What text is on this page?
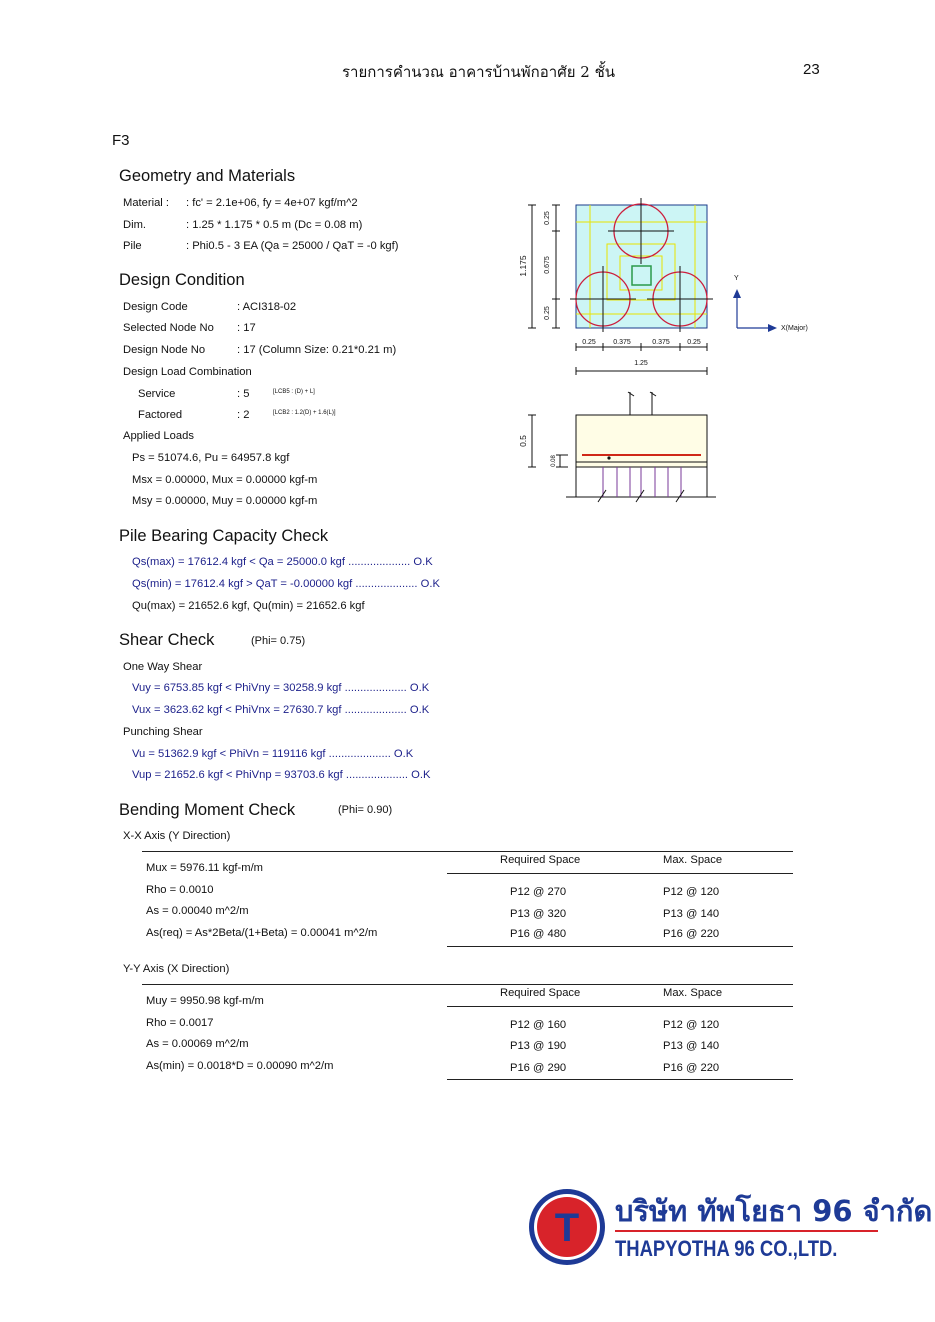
รายการคำนวณ อาคารบ้านพักอาศัย 2 ชั้น	23
F3
Geometry and Materials
Material : : fc' = 2.1e+06, fy = 4e+07 kgf/m^2
Dim.	: 1.25 * 1.175 * 0.5 m (Dc = 0.08 m)
Pile	: Phi0.5 - 3 EA (Qa = 25000 / QaT = -0 kgf)
Design Condition
Design Code	: ACI318-02
Selected Node No : 17
Design Node No	: 17 (Column Size: 0.21*0.21 m)
Design Load Combination
Service	: 5	[LCB5 : (D) + L]
Factored	: 2	[LCB2 : 1.2(D) + 1.6(L)]
Applied Loads
Ps = 51074.6, Pu = 64957.8 kgf
Msx = 0.00000, Mux = 0.00000 kgf-m
Msy = 0.00000, Muy = 0.00000 kgf-m
Pile Bearing Capacity Check
Qs(max) = 17612.4 kgf < Qa = 25000.0 kgf .................... O.K
Qs(min) = 17612.4 kgf > QaT = -0.00000 kgf .................... O.K
Qu(max) = 21652.6 kgf, Qu(min) = 21652.6 kgf
Shear Check	(Phi= 0.75)
One Way Shear
Vuy = 6753.85 kgf < PhiVny = 30258.9 kgf .................... O.K
Vux = 3623.62 kgf < PhiVnx = 27630.7 kgf .................... O.K
Punching Shear
Vu = 51362.9 kgf < PhiVn = 119116 kgf .................... O.K
Vup = 21652.6 kgf < PhiVnp = 93703.6 kgf .................... O.K
Bending Moment Check	(Phi= 0.90)
X-X Axis (Y Direction)
Required Space	Max. Space
Mux = 5976.11 kgf-m/m
Rho = 0.0010
As = 0.00040 m^2/m
As(req) = As*2Beta/(1+Beta) = 0.00041 m^2/m
P12 @ 270	P12 @ 120
P13 @ 320	P13 @ 140
P16 @ 480	P16 @ 220
Y-Y Axis (X Direction)
Required Space	Max. Space
Muy = 9950.98 kgf-m/m
Rho = 0.0017
As = 0.00069 m^2/m
As(min) = 0.0018*D = 0.00090 m^2/m
P12 @ 160	P12 @ 120
P13 @ 190	P13 @ 140
P16 @ 290	P16 @ 220
1.175
0.25
0.675
0.25
0.25 0.375	0.375 0.25
1.25
Y
X(Major)
0.5
0.08
T บริษัท ทัพโยธา 96 จำกัด
THAPYOTHA 96 CO.,LTD.
